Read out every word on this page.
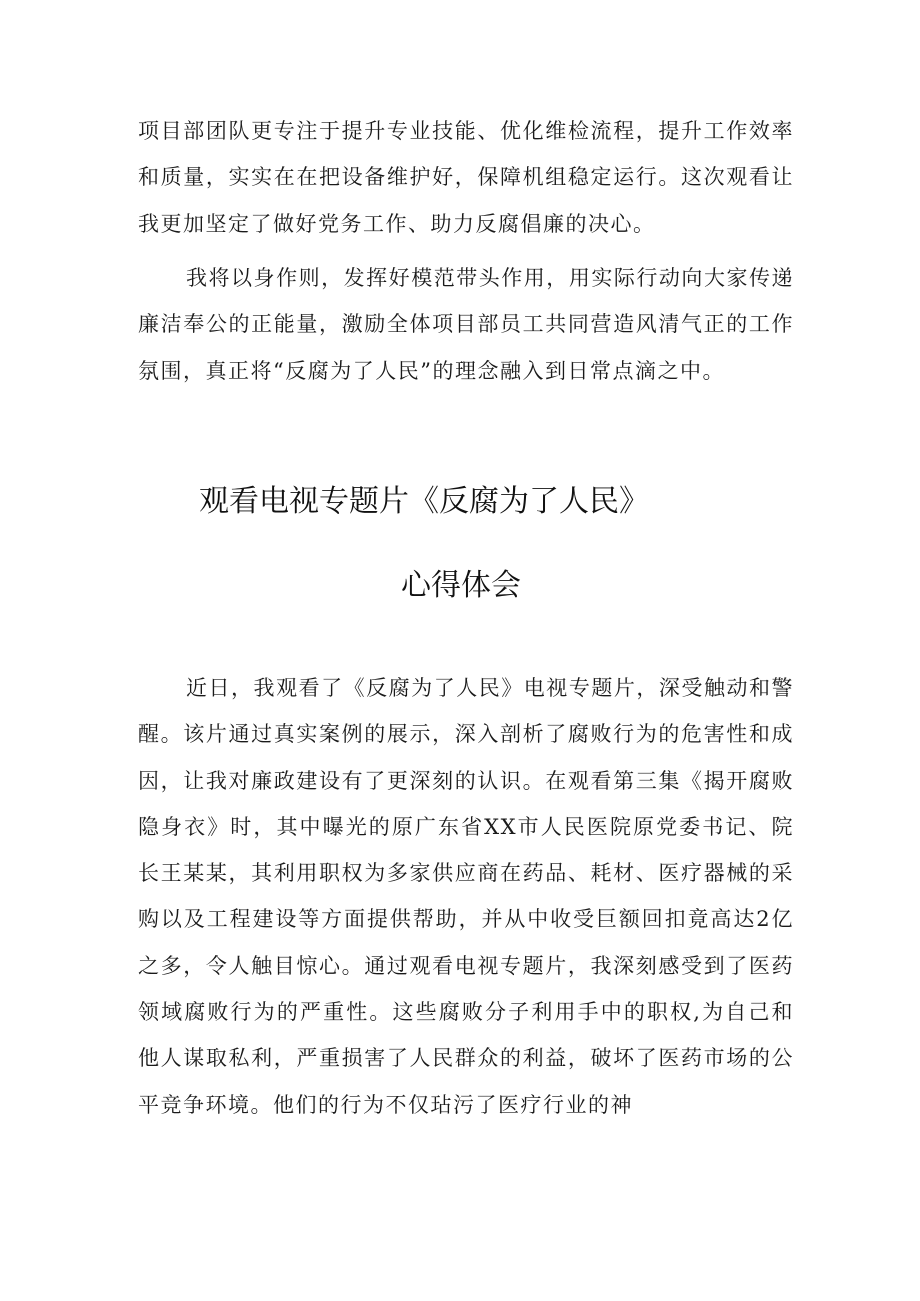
项目部团队更专注于提升专业技能、优化维检流程，提升工作效率和质量，实实在在把设备维护好，保障机组稳定运行。这次观看让我更加坚定了做好党务工作、助力反腐倡廉的决心。

我将以身作则，发挥好模范带头作用，用实际行动向大家传递廉洁奉公的正能量，激励全体项目部员工共同营造风清气正的工作氛围，真正将“反腐为了人民”的理念融入到日常点滴之中。

观看电视专题片《反腐为了人民》
心得体会

近日，我观看了《反腐为了人民》电视专题片，深受触动和警醒。该片通过真实案例的展示，深入剖析了腐败行为的危害性和成因，让我对廉政建设有了更深刻的认识。在观看第三集《揭开腐败隐身衣》时，其中曝光的原广东省XX市人民医院原党委书记、院长王某某，其利用职权为多家供应商在药品、耗材、医疗器械的采购以及工程建设等方面提供帮助，并从中收受巨额回扣竟高达2亿之多，令人触目惊心。通过观看电视专题片，我深刻感受到了医药领域腐败行为的严重性。这些腐败分子利用手中的职权,为自己和他人谋取私利，严重损害了人民群众的利益，破坏了医药市场的公平竞争环境。他们的行为不仅玷污了医疗行业的神
